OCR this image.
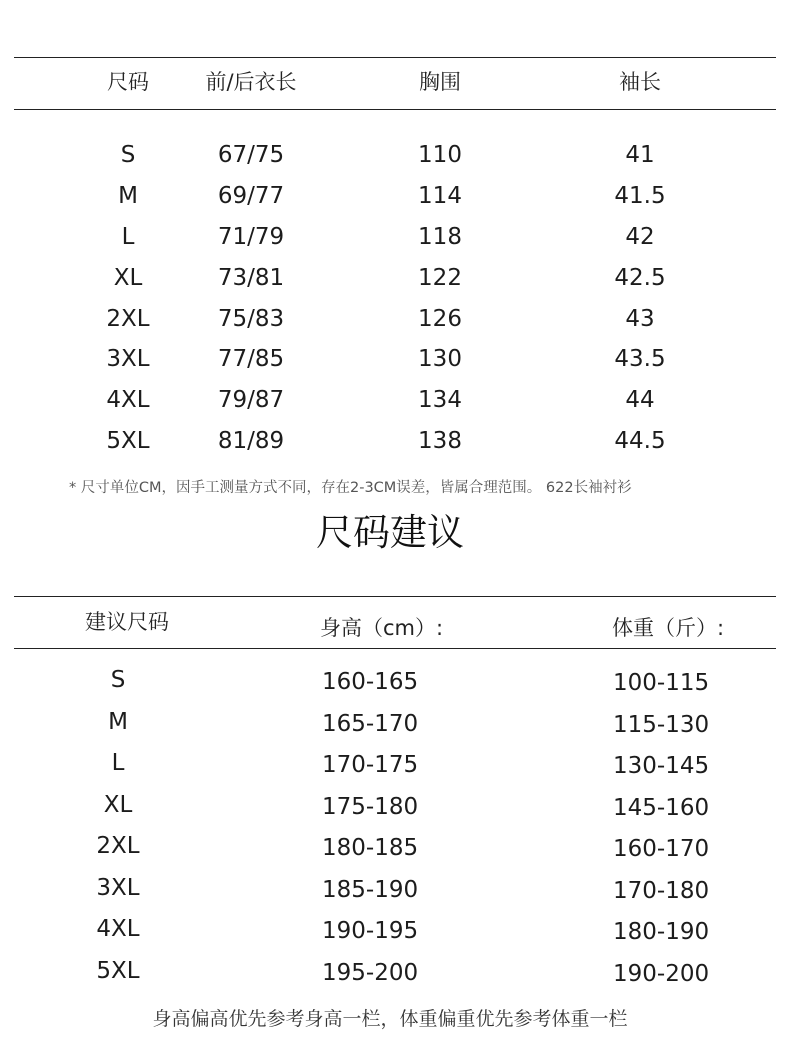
尺码	前/后衣长	胸围	袖长
S	67/75	110	41
M	69/77	114	41.5
L	71/79	118	42
XL	73/81	122	42.5
2XL	75/83	126	43
3XL	77/85	130	43.5
4XL	79/87	134	44
5XL	81/89	138	44.5
* 尺寸单位CM，因手工测量方式不同，存在2-3CM误差，皆属合理范围。 622长袖衬衫
尺码建议
建议尺码	身高（cm）:	体重（斤）:
S	160-165	100-115
M	165-170	115-130
L	170-175	130-145
XL	175-180	145-160
2XL	180-185	160-170
3XL	185-190	170-180
4XL	190-195	180-190
5XL	195-200	190-200
身高偏高优先参考身高一栏，体重偏重优先参考体重一栏
